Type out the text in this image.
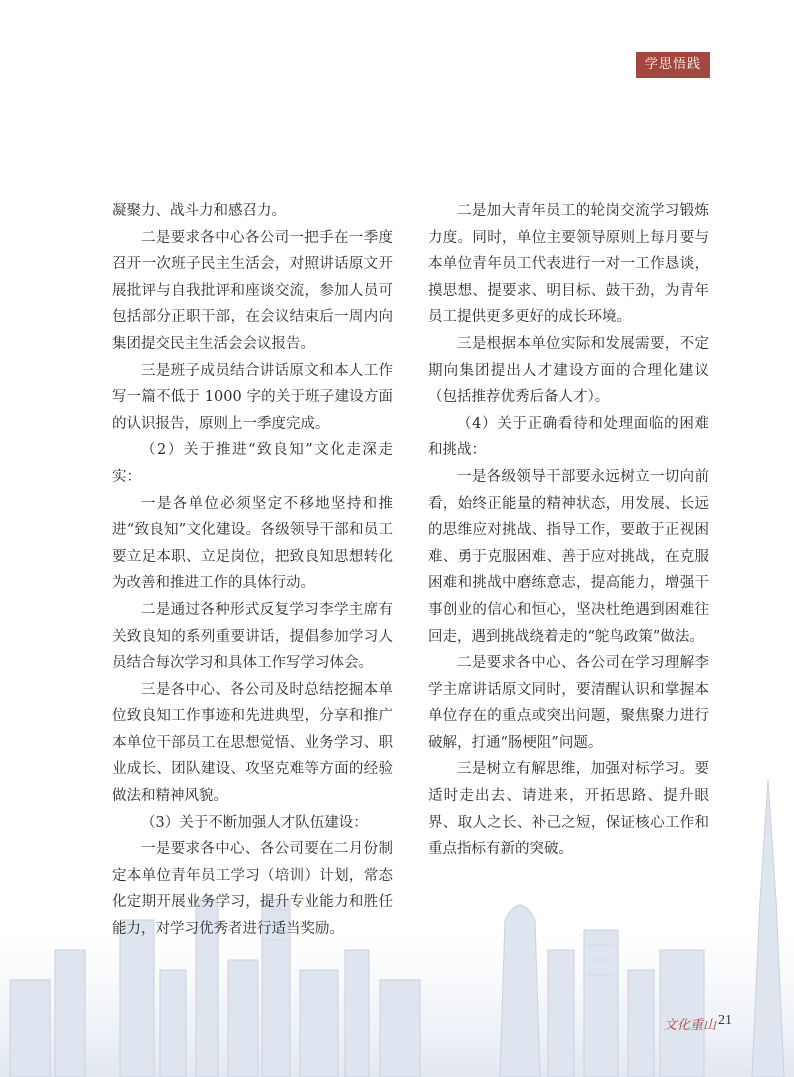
学思悟践

凝聚力、战斗力和感召力。

二是要求各中心各公司一把手在一季度召开一次班子民主生活会，对照讲话原文开展批评与自我批评和座谈交流，参加人员可包括部分正职干部，在会议结束后一周内向集团提交民主生活会会议报告。

三是班子成员结合讲话原文和本人工作写一篇不低于 1000 字的关于班子建设方面的认识报告，原则上一季度完成。

（2）关于推进“致良知”文化走深走实：

一是各单位必须坚定不移地坚持和推进“致良知”文化建设。各级领导干部和员工要立足本职、立足岗位，把致良知思想转化为改善和推进工作的具体行动。

二是通过各种形式反复学习李学主席有关致良知的系列重要讲话，提倡参加学习人员结合每次学习和具体工作写学习体会。

三是各中心、各公司及时总结挖掘本单位致良知工作事迹和先进典型，分享和推广本单位干部员工在思想觉悟、业务学习、职业成长、团队建设、攻坚克难等方面的经验做法和精神风貌。

（3）关于不断加强人才队伍建设：

一是要求各中心、各公司要在二月份制定本单位青年员工学习（培训）计划，常态化定期开展业务学习，提升专业能力和胜任能力，对学习优秀者进行适当奖励。

二是加大青年员工的轮岗交流学习锻炼力度。同时，单位主要领导原则上每月要与本单位青年员工代表进行一对一工作恳谈，摸思想、提要求、明目标、鼓干劲，为青年员工提供更多更好的成长环境。

三是根据本单位实际和发展需要，不定期向集团提出人才建设方面的合理化建议（包括推荐优秀后备人才）。

（4）关于正确看待和处理面临的困难和挑战：

一是各级领导干部要永远树立一切向前看，始终正能量的精神状态，用发展、长远的思维应对挑战、指导工作，要敢于正视困难、勇于克服困难、善于应对挑战，在克服困难和挑战中磨练意志，提高能力，增强干事创业的信心和恒心，坚决杜绝遇到困难往回走，遇到挑战绕着走的“鸵鸟政策”做法。

二是要求各中心、各公司在学习理解李学主席讲话原文同时，要清醒认识和掌握本单位存在的重点或突出问题，聚焦聚力进行破解，打通“肠梗阻”问题。

三是树立有解思维，加强对标学习。要适时走出去、请进来，开拓思路、提升眼界、取人之长、补己之短，保证核心工作和重点指标有新的突破。

文化重山 21
